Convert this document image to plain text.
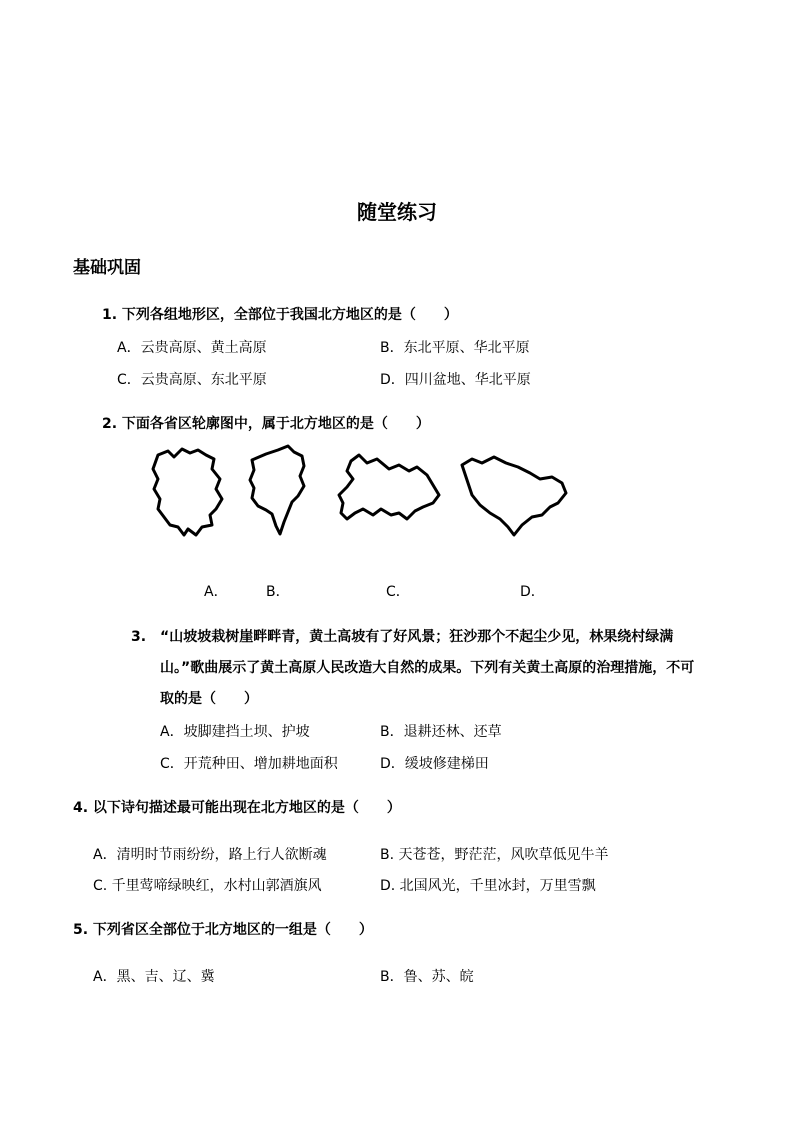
随堂练习
基础巩固
1. 下列各组地形区，全部位于我国北方地区的是（　　）
A．云贵高原、黄土高原	B．东北平原、华北平原
C．云贵高原、东北平原	D．四川盆地、华北平原
2. 下面各省区轮廓图中，属于北方地区的是（　　）
A．	B．	C．	D．
3.　“山坡坡栽树崖畔畔青，黄土高坡有了好风景；狂沙那个不起尘少见，林果绕村绿满
山。”歌曲展示了黄土高原人民改造大自然的成果。下列有关黄土高原的治理措施，不可
取的是（　　）
A．坡脚建挡土坝、护坡	B．退耕还林、还草
C．开荒种田、增加耕地面积	D．缓坡修建梯田
4. 以下诗句描述最可能出现在北方地区的是（　　）
A．清明时节雨纷纷，路上行人欲断魂	B. 天苍苍，野茫茫，风吹草低见牛羊
C. 千里莺啼绿映红，水村山郭酒旗风	D. 北国风光，千里冰封，万里雪飘
5. 下列省区全部位于北方地区的一组是（　　）
A．黑、吉、辽、冀	B．鲁、苏、皖
